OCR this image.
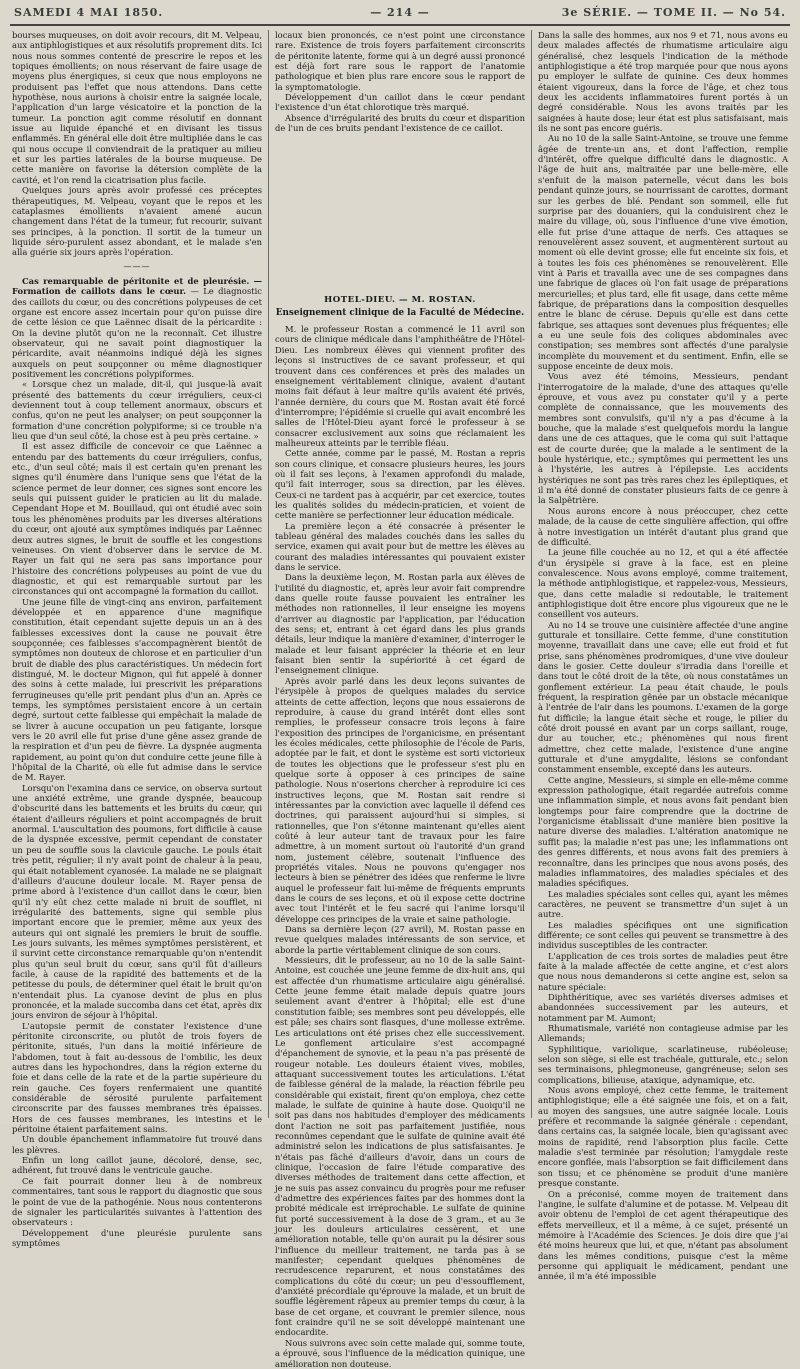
SAMEDI 4 MAI 1850.	— 214 —	3e SÉRIE. — TOME II. — No 54.

bourses muqueuses, on doit avoir recours, dit M. Velpeau, aux antiphlogistiques et aux résolutifs proprement dits. Ici nous nous sommes contenté de prescrire le repos et les topiques émollients; on nous réservant de faire usage de moyens plus énergiques, si ceux que nous employons ne produisent pas l'effet que nous attendons. Dans cette hypothèse, nous aurions à choisir entre la saignée locale, l'application d'un large vésicatoire et la ponction de la tumeur. La ponction agit comme résolutif en donnant issue au liquide épanché et en divisant les tissus enflammés. En général elle doit être multipliée dans le cas qui nous occupe il conviendrait de la pratiquer au milieu et sur les parties latérales de la bourse muqueuse. De cette manière on favorise la détersion complète de la cavité, et l'on rend la cicatrisation plus facile.

Quelques jours après avoir professé ces préceptes thérapeutiques, M. Velpeau, voyant que le repos et les cataplasmes émollients n'avaient amené aucun changement dans l'état de la tumeur, fut recourir, suivant ses principes, à la ponction. Il sortit de la tumeur un liquide séro-purulent assez abondant, et le malade s'en alla guérie six jours après l'opération.

———

Cas remarquable de péritonite et de pleurésie. — Formation de caillots dans le cœur. — Le diagnostic des caillots du cœur, ou des concrétions polypeuses de cet organe est encore assez incertain pour qu'on puisse dire de cette lésion ce que Laënnec disait de la péricardite : On la devine plutôt qu'on ne la reconnaît. Cet illustre observateur, qui ne savait point diagnostiquer la péricardite, avait néanmoins indiqué déjà les signes auxquels on peut soupçonner ou même diagnostiquer positivement les concrétions polypiformes.

« Lorsque chez un malade, dit-il, qui jusque-là avait présenté des battements du cœur irréguliers, ceux-ci deviennent tout à coup tellement anormaux, obscurs et confus, qu'on ne peut les analyser; on peut soupçonner la formation d'une concrétion polypiforme; si ce trouble n'a lieu que d'un seul côté, la chose est à peu près certaine. »

Il est assez difficile de concevoir ce que Laënnec a entendu par des battements du cœur irréguliers, confus, etc., d'un seul côté; mais il est certain qu'en prenant les signes qu'il énumère dans l'unique sens que l'état de la science permet de leur donner, ces signes sont encore les seuls qui puissent guider le praticien au lit du malade. Cependant Hope et M. Bouillaud, qui ont étudié avec soin tous les phénomènes produits par les diverses altérations du cœur, ont ajouté aux symptômes indiqués par Laënnec deux autres signes, le bruit de souffle et les congestions veineuses. On vient d'observer dans le service de M. Rayer un fait qui ne sera pas sans importance pour l'histoire des concrétions polypeuses au point de vue du diagnostic, et qui est remarquable surtout par les circonstances qui ont accompagné la formation du caillot.

Une jeune fille de vingt-cinq ans environ, parfaitement développée et en apparence d'une magnifique constitution, était cependant sujette depuis un an à des faiblesses excessives dont la cause ne pouvait être soupçonnée; ces faiblesses s'accompagnèrent bientôt de symptômes non douteux de chlorose et en particulier d'un bruit de diable des plus caractéristiques. Un médecin fort distingué, M. le docteur Mignon, qui fut appelé à donner des soins à cette malade, lui prescrivit les préparations ferrugineuses qu'elle prit pendant plus d'un an. Après ce temps, les symptômes persistaient encore à un certain degré, surtout cette faiblesse qui empêchait la malade de se livrer à aucune occupation un peu fatigante, lorsque vers le 20 avril elle fut prise d'une gêne assez grande de la respiration et d'un peu de fièvre. La dyspnée augmenta rapidement, au point qu'on dut conduire cette jeune fille à l'hôpital de la Charité, où elle fut admise dans le service de M. Rayer.

Lorsqu'on l'examina dans ce service, on observa surtout une anxiété extrême, une grande dyspnée, beaucoup d'obscurité dans les battements et les bruits du cœur, qui étaient d'ailleurs réguliers et point accompagnés de bruit anormal. L'auscultation des poumons, fort difficile à cause de la dyspnée excessive, permit cependant de constater un peu de souffle sous la clavicule gauche. Le pouls était très petit, régulier; il n'y avait point de chaleur à la peau, qui était notablement cyanosée. La malade ne se plaignait d'ailleurs d'aucune douleur locale. M. Rayer pensa de prime abord à l'existence d'un caillot dans le cœur, bien qu'il n'y eût chez cette malade ni bruit de soufflet, ni irrégularité des battements, signe qui semble plus important encore que le premier, même aux yeux des auteurs qui ont signalé les premiers le bruit de souffle. Les jours suivants, les mêmes symptômes persistèrent, et il survint cette circonstance remarquable qu'on n'entendit plus qu'un seul bruit du cœur, sans qu'il fût d'ailleurs facile, à cause de la rapidité des battements et de la petitesse du pouls, de déterminer quel était le bruit qu'on n'entendait plus. La cyanose devint de plus en plus prononcée, et la malade succomba dans cet état, après dix jours environ de séjour à l'hôpital.

L'autopsie permit de constater l'existence d'une péritonite circonscrite, ou plutôt de trois foyers de péritonite, situés, l'un dans la moitié inférieure de l'abdomen, tout à fait au-dessous de l'ombilic, les deux autres dans les hypochondres, dans la région externe du foie et dans celle de la rate et de la partie supérieure du rein gauche. Ces foyers renfermaient une quantité considérable de sérosité purulente parfaitement circonscrite par des fausses membranes très épaisses. Hors de ces fausses membranes, les intestins et le péritoine étaient parfaitement sains.

Un double épanchement inflammatoire fut trouvé dans les plèvres.

Enfin un long caillot jaune, décoloré, dense, sec, adhérent, fut trouvé dans le ventricule gauche.

Ce fait pourrait donner lieu à de nombreux commentaires, tant sous le rapport du diagnostic que sous le point de vue de la pathogénie. Nous nous contenterons de signaler les particularités suivantes à l'attention des observateurs :

Développement d'une pleurésie purulente sans symptômes

locaux bien prononcés, ce n'est point une circonstance rare. Existence de trois foyers parfaitement circonscrits de péritonite latente, forme qui à un degré aussi prononcé est déjà fort rare sous le rapport de l'anatomie pathologique et bien plus rare encore sous le rapport de la symptomatologie.

Développement d'un caillot dans le cœur pendant l'existence d'un état chlorotique très marqué.

Absence d'irrégularité des bruits du cœur et disparition de l'un de ces bruits pendant l'existence de ce caillot.

HOTEL-DIEU. — M. ROSTAN.
Enseignement clinique de la Faculté de Médecine.

M. le professeur Rostan a commencé le 11 avril son cours de clinique médicale dans l'amphithéâtre de l'Hôtel-Dieu. Les nombreux élèves qui viennent profiter des leçons si instructives de ce savant professeur, et qui trouvent dans ces conférences et près des malades un enseignement véritablement clinique, avaient d'autant moins fait défaut à leur maître qu'ils avaient été privés, l'année dernière, du cours que M. Rostan avait été forcé d'interrompre; l'épidémie si cruelle qui avait encombré les salles de l'Hôtel-Dieu ayant forcé le professeur à se consacrer exclusivement aux soins que réclamaient les malheureux atteints par le terrible fléau.

Cette année, comme par le passé, M. Rostan a repris son cours clinique, et consacre plusieurs heures, les jours où il fait ses leçons, à l'examen approfondi du malade, qu'il fait interroger, sous sa direction, par les élèves. Ceux-ci ne tardent pas à acquérir, par cet exercice, toutes les qualités solides du médecin-praticien, et voient de cette manière se perfectionner leur éducation médicale.

La première leçon a été consacrée à présenter le tableau général des malades couchés dans les salles du service, examen qui avait pour but de mettre les élèves au courant des maladies intéressantes qui pouvaient exister dans le service.

Dans la deuxième leçon, M. Rostan parla aux élèves de l'utilité du diagnostic, et, après leur avoir fait comprendre dans quelle route fausse pouvaient les entraîner les méthodes non rationnelles, il leur enseigne les moyens d'arriver au diagnostic par l'application, par l'éducation des sens; et, entrant à cet égard dans les plus grands détails, leur indique la manière d'examiner, d'interroger le malade et leur faisant apprécier la théorie et en leur faisant bien sentir la supériorité à cet égard de l'enseignement clinique.

Après avoir parlé dans les deux leçons suivantes de l'érysipèle à propos de quelques malades du service atteints de cette affection, leçons que nous essaierons de reproduire, à cause du grand intérêt dont elles sont remplies, le professeur consacre trois leçons à faire l'exposition des principes de l'organicisme, en présentant les écoles médicales, cette philosophie de l'école de Paris, adoptée par le fait, et dont le système est sorti victorieux de toutes les objections que le professeur s'est plu en quelque sorte à opposer à ces principes de saine pathologie. Nous n'oserions chercher à reproduire ici ces instructives leçons, que M. Rostan sait rendre si intéressantes par la conviction avec laquelle il défend ces doctrines, qui paraissent aujourd'hui si simples, si rationnelles, que l'on s'étonne maintenant qu'elles aient coûté à leur auteur tant de travaux pour les faire admettre, à un moment surtout où l'autorité d'un grand nom, justement célèbre, soutenait l'influence des propriétés vitales. Nous ne pouvons qu'engager nos lecteurs à bien se pénétrer des idées que renferme le livre auquel le professeur fait lui-même de fréquents emprunts dans le cours de ses leçons, et où il expose cette doctrine avec tout l'intérêt et le feu sacré qui l'anime lorsqu'il développe ces principes de la vraie et saine pathologie.

Dans sa dernière leçon (27 avril), M. Rostan passe en revue quelques malades intéressants de son service, et aborde la partie véritablement clinique de son cours.

Messieurs, dit le professeur, au no 10 de la salle Saint-Antoine, est couchée une jeune femme de dix-huit ans, qui est affectée d'un rhumatisme articulaire aigu généralisé. Cette jeune femme était malade depuis quatre jours seulement avant d'entrer à l'hôpital; elle est d'une constitution faible; ses membres sont peu développés, elle est pâle; ses chairs sont flasques, d'une mollesse extrême. Les articulations ont été prises chez elle successivement. Le gonflement articulaire s'est accompagné d'épanchement de synovie, et la peau n'a pas présenté de rougeur notable. Les douleurs étaient vives, mobiles, attaquant successivement toutes les articulations. L'état de faiblesse général de la malade, la réaction fébrile peu considérable qui existait, firent qu'on employa, chez cette malade, le sulfate de quinine à haute dose. Quoiqu'il ne soit pas dans nos habitudes d'employer des médicaments dont l'action ne soit pas parfaitement justifiée, nous reconnûmes cependant que le sulfate de quinine avait été administré selon les indications de plus satisfaisantes. Je n'étais pas fâché d'ailleurs d'avoir, dans un cours de clinique, l'occasion de faire l'étude comparative des diverses méthodes de traitement dans cette affection, et je ne suis pas assez convaincu du progrès pour me refuser d'admettre des expériences faites par des hommes dont la probité médicale est irréprochable. Le sulfate de quinine fut porté successivement à la dose de 3 gram., et au 3e jour les douleurs articulaires cessèrent, et une amélioration notable, telle qu'on aurait pu la désirer sous l'influence du meilleur traitement, ne tarda pas à se manifester; cependant quelques phénomènes de recrudescence reparurent, et nous constatâmes des complications du côté du cœur; un peu d'essoufflement, d'anxiété précordiale qu'éprouve la malade, et un bruit de souffle légèrement râpeux au premier temps du cœur, à la base de cet organe, et couvrant le premier silence, nous font craindre qu'il ne se soit développé maintenant une endocardite.

Nous suivrons avec soin cette malade qui, somme toute, a éprouvé, sous l'influence de la médication quinique, une amélioration non douteuse.

Dans la salle des hommes, aux nos 9 et 71, nous avons eu deux malades affectés de rhumatisme articulaire aigu généralisé, chez lesquels l'indication de la méthode antiphlogistique a été trop marquée pour que nous ayons pu employer le sulfate de quinine. Ces deux hommes étaient vigoureux, dans la force de l'âge, et chez tous deux les accidents inflammatoires furent portés à un degré considérable. Nous les avons traités par les saignées à haute dose; leur état est plus satisfaisant, mais ils ne sont pas encore guéris.

Au no 10 de la salle Saint-Antoine, se trouve une femme âgée de trente-un ans, et dont l'affection, remplie d'intérêt, offre quelque difficulté dans le diagnostic. A l'âge de huit ans, maltraitée par une belle-mère, elle s'enfuit de la maison paternelle, vécut dans les bois pendant quinze jours, se nourrissant de carottes, dormant sur les gerbes de blé. Pendant son sommeil, elle fut surprise par des douaniers, qui la conduisirent chez le maire du village, où, sous l'influence d'une vive émotion, elle fut prise d'une attaque de nerfs. Ces attaques se renouvelèrent assez souvent, et augmentèrent surtout au moment où elle devint grosse; elle fut enceinte six fois, et à toutes les fois ces phénomènes se renouvelèrent. Elle vint à Paris et travailla avec une de ses compagnes dans une fabrique de glaces où l'on fait usage de préparations mercurielles; et plus tard, elle fit usage, dans cette même fabrique, de préparations dans la composition desquelles entre le blanc de céruse. Depuis qu'elle est dans cette fabrique, ses attaques sont devenues plus fréquentes; elle a eu une seule fois des coliques abdominales avec constipation; ses membres sont affectés d'une paralysie incomplète du mouvement et du sentiment. Enfin, elle se suppose enceinte de deux mois.

Vous avez été témoins, Messieurs, pendant l'interrogatoire de la malade, d'une des attaques qu'elle éprouve, et vous avez pu constater qu'il y a perte complète de connaissance, que les mouvements des membres sont convulsifs, qu'il n'y a pas d'écume à la bouche, que la malade s'est quelquefois mordu la langue dans une de ces attaques, que le coma qui suit l'attaque est de courte durée; que la malade a le sentiment de la boule hystérique, etc.; symptômes qui permettent les uns à l'hystérie, les autres à l'épilepsie. Les accidents hystériques ne sont pas très rares chez les épileptiques, et il m'a été donné de constater plusieurs faits de ce genre à la Salpêtrière.

Nous aurons encore à nous préoccuper, chez cette malade, de la cause de cette singulière affection, qui offre à notre investigation un intérêt d'autant plus grand que de difficulté.

La jeune fille couchée au no 12, et qui a été affectée d'un érysipèle si grave à la face, est en pleine convalescence. Nous avons employé, comme traitement, la méthode antiphlogistique, et rappelez-vous, Messieurs, que, dans cette maladie si redoutable, le traitement antiphlogistique doit être encore plus vigoureux que ne le conseillent vos auteurs.

Au no 14 se trouve une cuisinière affectée d'une angine gutturale et tonsillaire. Cette femme, d'une constitution moyenne, travaillait dans une cave; elle eut froid et fut prise, sans phénomènes prodromiques, d'une vive douleur dans le gosier. Cette douleur s'irradia dans l'oreille et dans tout le côté droit de la tête, où nous constatâmes un gonflement extérieur. La peau était chaude, le pouls fréquent, la respiration gênée par un obstacle mécanique à l'entrée de l'air dans les poumons. L'examen de la gorge fut difficile; la langue était sèche et rouge, le pilier du côté droit poussé en avant par un corps saillant, rouge, dur au toucher, etc.; phénomènes qui nous firent admettre, chez cette malade, l'existence d'une angine gutturale et d'une amygdalite, lésions se confondant constamment ensemble, excepté dans les auteurs.

Cette angine, Messieurs, si simple en elle-même comme expression pathologique, était regardée autrefois comme une inflammation simple, et nous avons fait pendant bien longtemps pour faire comprendre que la doctrine de l'organicisme établissait d'une manière bien positive la nature diverse des maladies. L'altération anatomique ne suffit pas; la maladie n'est pas une; les inflammations ont des genres différents, et nous avons fait des premiers à reconnaître, dans les principes que nous avons posés, des maladies inflammatoires, des maladies spéciales et des maladies spécifiques.

Les maladies spéciales sont celles qui, ayant les mêmes caractères, ne peuvent se transmettre d'un sujet à un autre.

Les maladies spécifiques ont une signification différente; ce sont celles qui peuvent se transmettre à des individus susceptibles de les contracter.

L'application de ces trois sortes de maladies peut être faite à la malade affectée de cette angine, et c'est alors que nous nous demanderons si cette angine est, selon sa nature spéciale:

Diphthéritique, avec ses variétés diverses admises et abandonnées successivement par les auteurs, et notamment par M. Aumont;

Rhumatismale, variété non contagieuse admise par les Allemands;

Syphilitique, variolique, scarlatineuse, rubéoleuse; selon son siège, si elle est trachéale, gutturale, etc.; selon ses terminaisons, phlegmoneuse, gangréneuse; selon ses complications, bilieuse, ataxique, adynamique, etc.

Nous avons employé, chez cette femme, le traitement antiphlogistique; elle a été saignée une fois, et on a fait, au moyen des sangsues, une autre saignée locale. Louis préfère et recommande la saignée générale : cependant, dans certains cas, la saignée locale, bien qu'agissant avec moins de rapidité, rend l'absorption plus facile. Cette maladie s'est terminée par résolution; l'amygdale reste encore gonflée, mais l'absorption se fait difficilement dans son tissu; et ce phénomène se produit d'une manière presque constante.

On a préconisé, comme moyen de traitement dans l'angine, le sulfate d'alumine et de potasse. M. Velpeau dit avoir obtenu de l'emploi de cet agent thérapeutique des effets merveilleux, et il a même, à ce sujet, présenté un mémoire à l'Académie des Sciences. Je dois dire que j'ai été moins heureux que lui, et que, n'étant pas absolument dans les mêmes conditions, puisque c'est la même personne qui appliquait le médicament, pendant une année, il m'a été impossible
